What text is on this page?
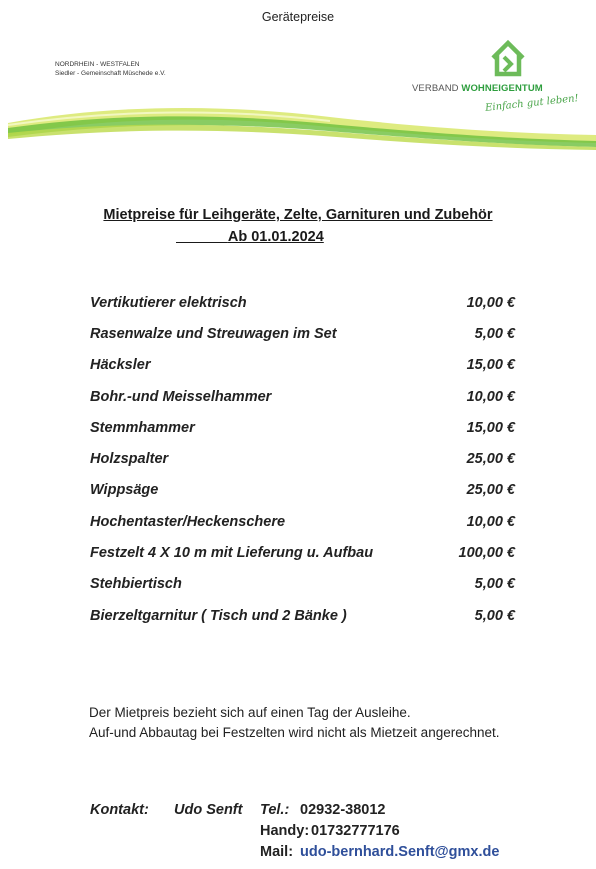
Gerätepreise
NORDRHEIN - WESTFALEN
Siedler - Gemeinschaft Müschede e.V.
VERBAND WOHNEIGENTUM
Einfach gut leben!
Mietpreise für Leihgeräte, Zelte, Garnituren und Zubehör
Ab 01.01.2024
Vertikutierer elektrisch	10,00 €
Rasenwalze und Streuwagen im Set	5,00 €
Häcksler	15,00 €
Bohr.-und Meisselhammer	10,00 €
Stemmhammer	15,00 €
Holzspalter	25,00 €
Wippsäge	25,00 €
Hochentaster/Heckenschere	10,00 €
Festzelt 4 X 10 m mit Lieferung u. Aufbau	100,00 €
Stehbiertisch	5,00 €
Bierzeltgarnitur ( Tisch und 2 Bänke )	5,00 €
Der Mietpreis bezieht sich auf einen Tag der Ausleihe.
Auf-und Abbautag bei Festzelten wird nicht als Mietzeit angerechnet.
Kontakt: Udo Senft Tel.: 02932-38012
Handy: 01732777176
Mail: udo-bernhard.Senft@gmx.de
